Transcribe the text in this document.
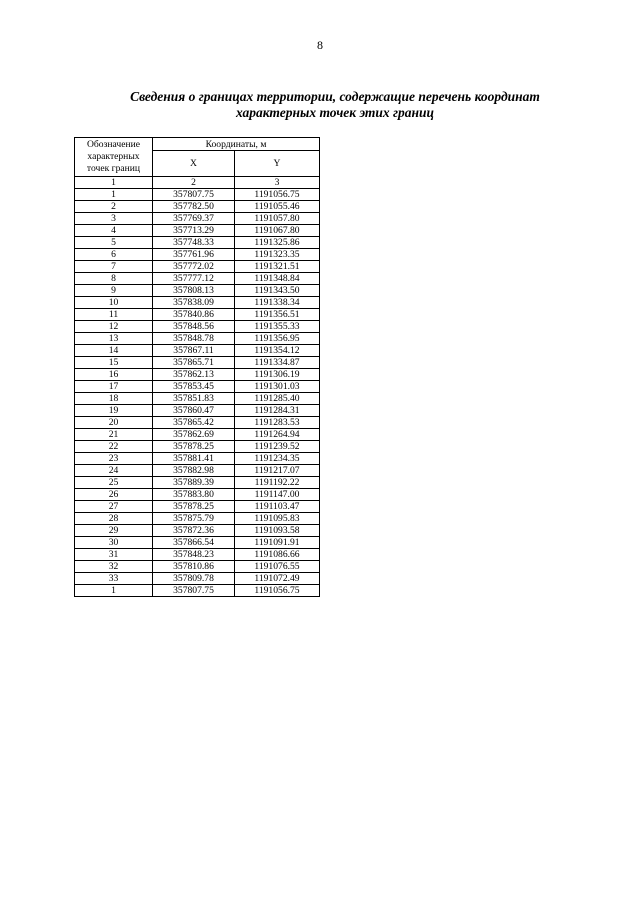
8
Сведения о границах территории, содержащие перечень координат характерных точек этих границ
Обозначение характерных точек границ	Координаты, м	
	X	Y
1	2	3
1	357807.75	1191056.75
2	357782.50	1191055.46
3	357769.37	1191057.80
4	357713.29	1191067.80
5	357748.33	1191325.86
6	357761.96	1191323.35
7	357772.02	1191321.51
8	357777.12	1191348.84
9	357808.13	1191343.50
10	357838.09	1191338.34
11	357840.86	1191356.51
12	357848.56	1191355.33
13	357848.78	1191356.95
14	357867.11	1191354.12
15	357865.71	1191334.87
16	357862.13	1191306.19
17	357853.45	1191301.03
18	357851.83	1191285.40
19	357860.47	1191284.31
20	357865.42	1191283.53
21	357862.69	1191264.94
22	357878.25	1191239.52
23	357881.41	1191234.35
24	357882.98	1191217.07
25	357889.39	1191192.22
26	357883.80	1191147.00
27	357878.25	1191103.47
28	357875.79	1191095.83
29	357872.36	1191093.58
30	357866.54	1191091.91
31	357848.23	1191086.66
32	357810.86	1191076.55
33	357809.78	1191072.49
1	357807.75	1191056.75
